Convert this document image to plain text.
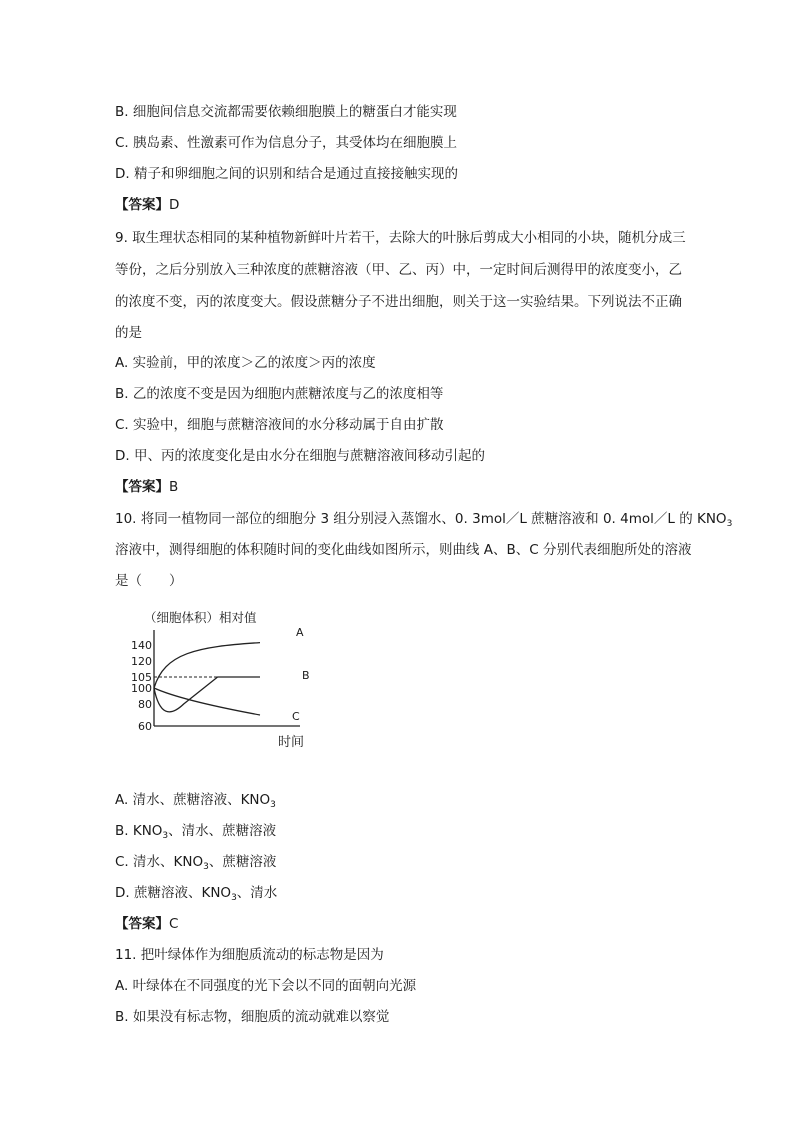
B. 细胞间信息交流都需要依赖细胞膜上的糖蛋白才能实现
C. 胰岛素、性激素可作为信息分子，其受体均在细胞膜上
D. 精子和卵细胞之间的识别和结合是通过直接接触实现的
【答案】D
9. 取生理状态相同的某种植物新鲜叶片若干，去除大的叶脉后剪成大小相同的小块，随机分成三
等份，之后分别放入三种浓度的蔗糖溶液（甲、乙、丙）中，一定时间后测得甲的浓度变小，乙
的浓度不变，丙的浓度变大。假设蔗糖分子不进出细胞，则关于这一实验结果。下列说法不正确
的是
A. 实验前，甲的浓度＞乙的浓度＞丙的浓度
B. 乙的浓度不变是因为细胞内蔗糖浓度与乙的浓度相等
C. 实验中，细胞与蔗糖溶液间的水分移动属于自由扩散
D. 甲、丙的浓度变化是由水分在细胞与蔗糖溶液间移动引起的
【答案】B
10. 将同一植物同一部位的细胞分 3 组分别浸入蒸馏水、0. 3mol／L 蔗糖溶液和 0. 4mol／L 的 $KNO_3$
溶液中，测得细胞的体积随时间的变化曲线如图所示，则曲线 A、B、C 分别代表细胞所处的溶液
是（　　）
（细胞体积）相对值
140
120
105
100
80
60
A
B
C
时间
A. 清水、蔗糖溶液、$KNO_3$
B. $KNO_3$、清水、蔗糖溶液
C. 清水、$KNO_3$、蔗糖溶液
D. 蔗糖溶液、$KNO_3$、清水
【答案】C
11. 把叶绿体作为细胞质流动的标志物是因为
A. 叶绿体在不同强度的光下会以不同的面朝向光源
B. 如果没有标志物，细胞质的流动就难以察觉
